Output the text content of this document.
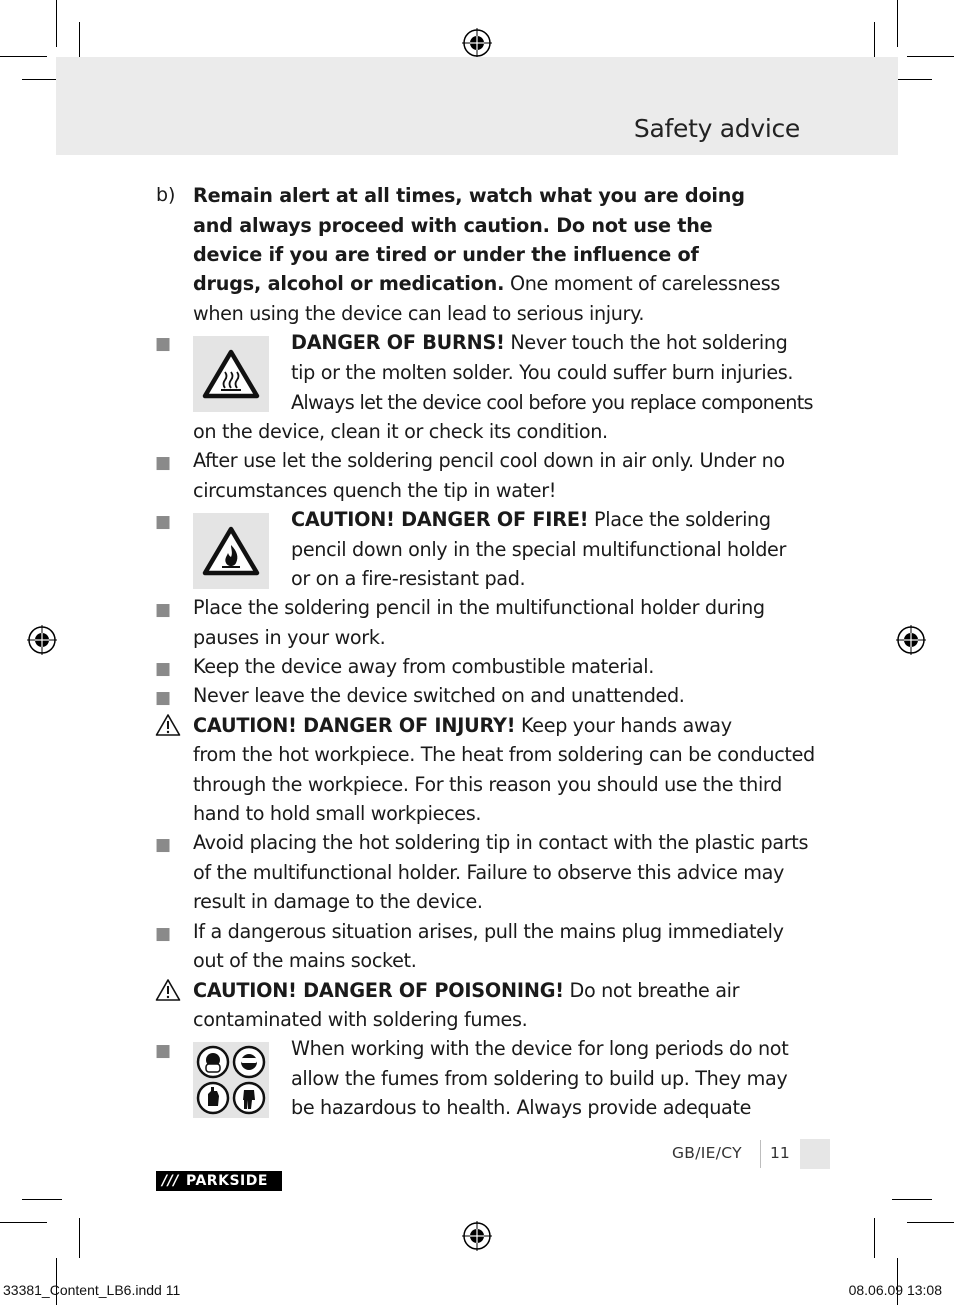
Safety advice
b) Remain alert at all times, watch what you are doing
and always proceed with caution. Do not use the
device if you are tired or under the influence of
drugs, alcohol or medication. One moment of carelessness
when using the device can lead to serious injury.
■	DANGER OF BURNS! Never touch the hot soldering
tip or the molten solder. You could suffer burn injuries.
Always let the device cool before you replace components
on the device, clean it or check its condition.
■ After use let the soldering pencil cool down in air only. Under no
circumstances quench the tip in water!
■	CAUTION! DANGER OF FIRE! Place the soldering
pencil down only in the special multifunctional holder
or on a fire-resistant pad.
■ Place the soldering pencil in the multifunctional holder during
pauses in your work.
■ Keep the device away from combustible material.
■ Never leave the device switched on and unattended.
CAUTION! DANGER OF INJURY! Keep your hands away
from the hot workpiece. The heat from soldering can be conducted
through the workpiece. For this reason you should use the third
hand to hold small workpieces.
■ Avoid placing the hot soldering tip in contact with the plastic parts
of the multifunctional holder. Failure to observe this advice may
result in damage to the device.
■ If a dangerous situation arises, pull the mains plug immediately
out of the mains socket.
CAUTION! DANGER OF POISONING! Do not breathe air
contaminated with soldering fumes.
■	When working with the device for long periods do not
allow the fumes from soldering to build up. They may
be hazardous to health. Always provide adequate
GB/IE/CY 11
/// PARKSIDE
33381_Content_LB6.indd 11	08.06.09 13:08
